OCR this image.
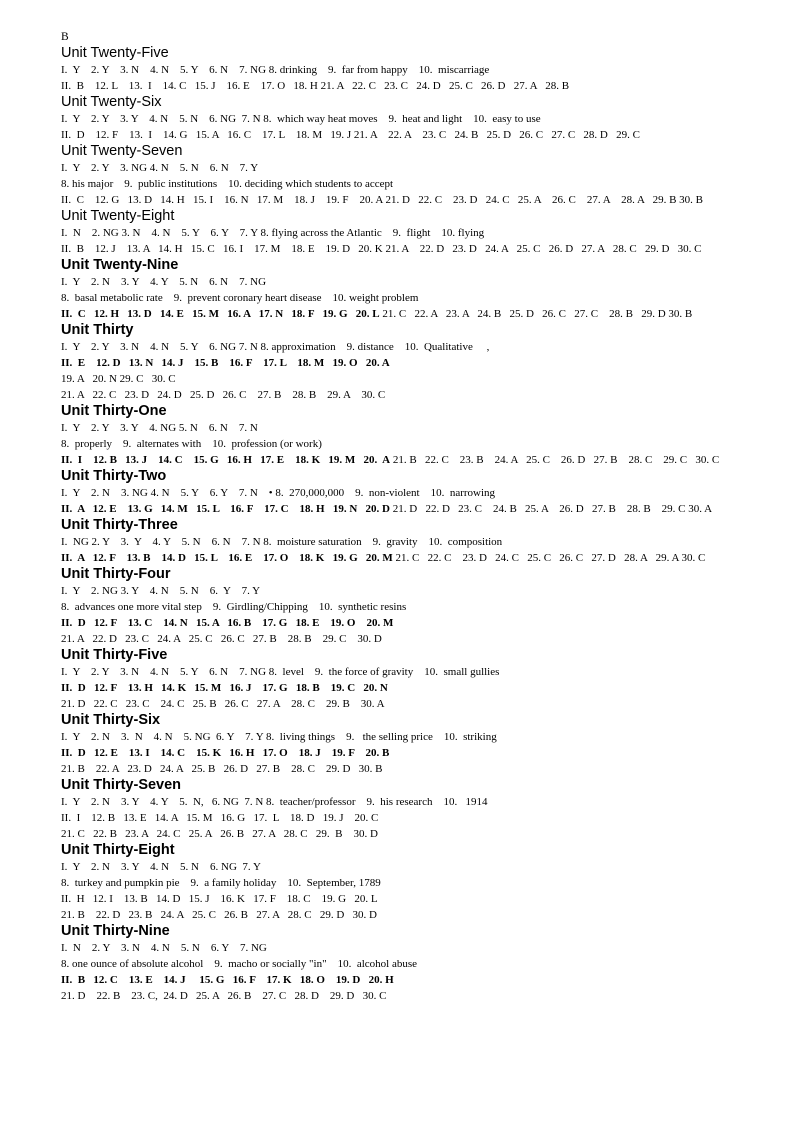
B
Unit Twenty-Five
I.  Y    2. Y    3. N    4. N    5. Y    6. N    7. NG 8. drinking    9.  far from happy    10.  miscarriage
II.  B    12. L    13.  I    14. C   15. J    16. E    17. O   18. H 21. A   22. C   23. C   24. D   25. C   26. D   27. A   28. B
Unit Twenty-Six
I.  Y    2. Y    3. Y    4. N    5. N    6. NG  7. N 8.  which way heat moves    9.  heat and light    10.  easy to use
II.  D    12. F    13.  I    14. G   15. A   16. C    17. L    18. M   19. J 21. A    22. A    23. C   24. B   25. D   26. C   27. C   28. D   29. C
Unit Twenty-Seven
I.  Y    2. Y    3. NG 4. N    5. N    6. N    7. Y
8. his major    9.  public institutions    10. deciding which students to accept
II.  C    12. G   13. D   14. H   15. I    16. N   17. M    18. J    19. F    20. A 21. D   22. C    23. D   24. C   25. A    26. C    27. A    28. A   29. B 30. B
Unit Twenty-Eight
I.  N    2. NG 3. N    4. N    5. Y    6. Y    7. Y 8. flying across the Atlantic    9.  flight    10. flying
II.  B    12. J    13. A   14. H   15. C   16. I    17. M    18. E    19. D   20. K 21. A    22. D   23. D   24. A   25. C   26. D   27. A   28. C   29. D   30. C
Unit Twenty-Nine
I.  Y    2. N    3. Y    4. Y    5. N    6. N    7. NG
8.  basal metabolic rate    9.  prevent coronary heart disease    10. weight problem
II.  C   12. H   13. D   14. E   15. M   16. A   17. N   18. F   19. G   20. L 21. C   22. A   23. A   24. B   25. D   26. C   27. C    28. B   29. D 30. B
Unit Thirty
I.  Y    2. Y    3. N    4. N    5. Y    6. NG 7. N 8. approximation    9. distance    10.  Qualitative     ,
II.  E    12. D   13. N   14. J    15. B    16. F    17. L    18. M   19. O   20. A
19. A   20. N 29. C   30. C
21. A   22. C   23. D   24. D   25. D   26. C    27. B    28. B    29. A    30. C
Unit Thirty-One
I.  Y    2. Y    3. Y    4. NG 5. N    6. N    7. N
8.  properly    9.  alternates with    10.  profession (or work)
II.  I    12. B   13. J    14. C    15. G   16. H   17. E    18. K   19. M   20.  A 21. B   22. C    23. B    24. A   25. C    26. D   27. B    28. C    29. C   30. C
Unit Thirty-Two
I.  Y    2. N    3. NG 4. N    5. Y    6. Y    7. N    • 8.  270,000,000    9.  non-violent    10.  narrowing
II.  A   12. E    13. G   14. M   15. L    16. F    17. C    18. H   19. N   20. D 21. D   22. D   23. C    24. B   25. A    26. D   27. B    28. B    29. C 30. A
Unit Thirty-Three
I.  NG 2. Y    3.  Y    4. Y    5. N    6. N    7. N 8.  moisture saturation    9.  gravity    10.  composition
II.  A   12. F    13. B    14. D   15. L    16. E    17. O    18. K   19. G   20. M 21. C   22. C    23. D   24. C   25. C   26. C   27. D   28. A   29. A 30. C
Unit Thirty-Four
I.  Y    2. NG 3. Y    4. N    5. N    6.  Y    7. Y
8.  advances one more vital step    9.  Girdling/Chipping    10.  synthetic resins
II.  D   12. F    13. C    14. N   15. A   16. B    17. G   18. E    19. O    20. M
21. A   22. D   23. C   24. A   25. C   26. C   27. B    28. B    29. C    30. D
Unit Thirty-Five
I.  Y    2. Y    3. N    4. N    5. Y    6. N    7. NG 8.  level    9.  the force of gravity    10.  small gullies
II.  D   12. F    13. H   14. K   15. M   16. J    17. G   18. B    19. C   20. N
21. D   22. C   23. C    24. C   25. B   26. C   27. A    28. C    29. B    30. A
Unit Thirty-Six
I.  Y    2. N    3.  N    4. N    5. NG  6. Y    7. Y 8.  living things    9.   the selling price    10.  striking
II.  D   12. E    13. I    14. C    15. K   16. H   17. O    18. J    19. F    20. B
21. B    22. A   23. D   24. A   25. B   26. D   27. B    28. C    29. D   30. B
Unit Thirty-Seven
I.  Y    2. N    3. Y    4. Y    5.  N,   6. NG  7. N 8.  teacher/professor    9.  his research    10.   1914
II.  I    12. B   13. E   14. A   15. M   16. G   17.  L    18. D   19. J    20. C
21. C   22. B   23. A   24. C   25. A   26. B   27. A   28. C   29.  B    30. D
Unit Thirty-Eight
I.  Y    2. N    3. Y    4. N    5. N    6. NG  7. Y
8.  turkey and pumpkin pie    9.  a family holiday    10.  September, 1789
II.  H   12. I    13. B   14. D   15. J    16. K   17. F    18. C    19. G   20. L
21. B    22. D   23. B   24. A   25. C   26. B   27. A   28. C   29. D   30. D
Unit Thirty-Nine
I.  N    2. Y    3. N    4. N    5. N    6. Y    7. NG
8. one ounce of absolute alcohol    9.  macho or socially "in"    10.  alcohol abuse
II.  B   12. C    13. E    14. J     15. G   16. F    17. K   18. O    19. D   20. H
21. D    22. B    23. C,  24. D   25. A   26. B    27. C   28. D    29. D   30. C
